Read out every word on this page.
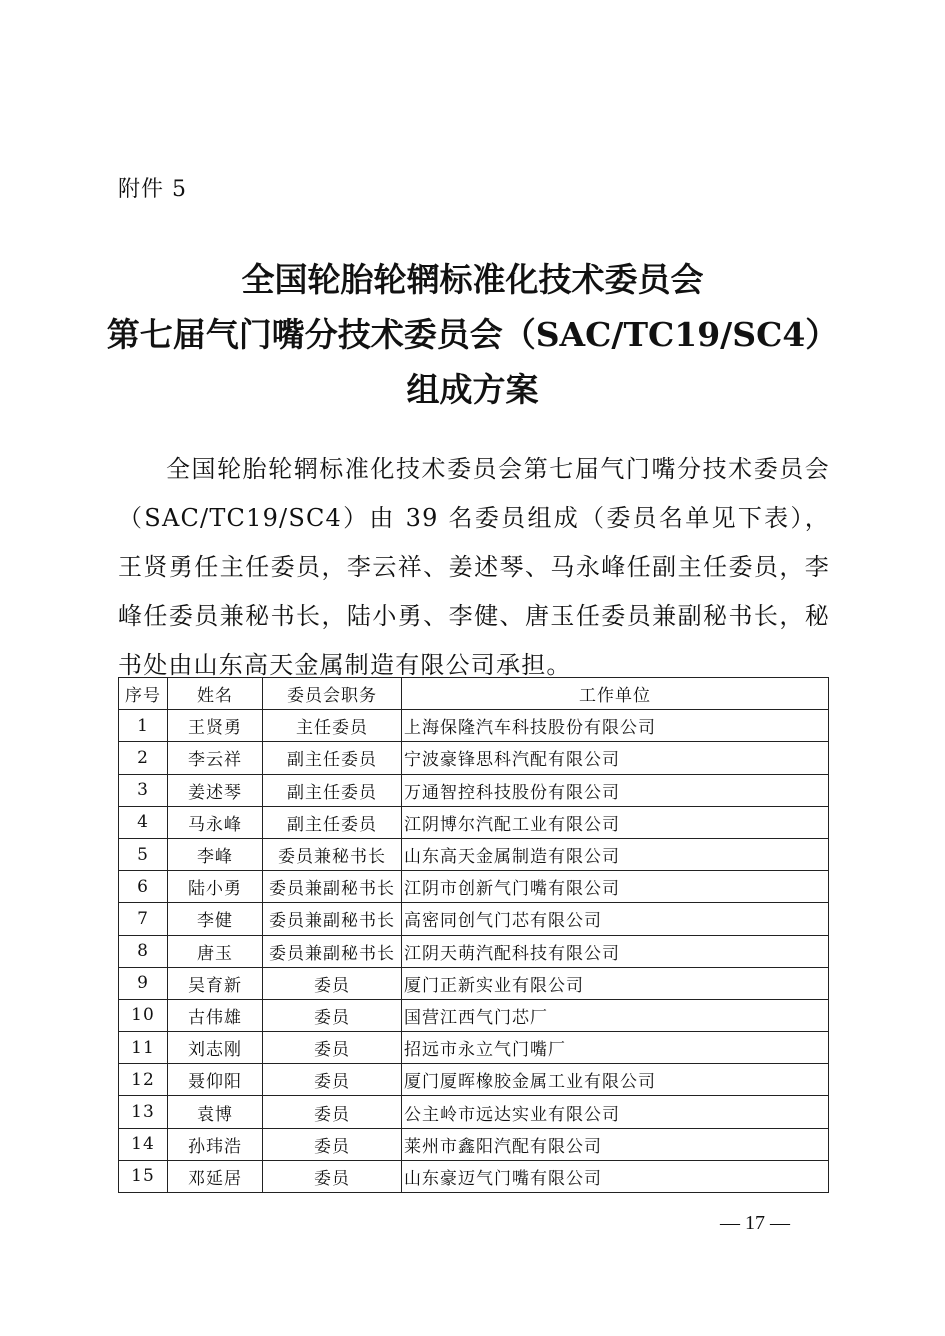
附件 5
全国轮胎轮辋标准化技术委员会
第七届气门嘴分技术委员会（SAC/TC19/SC4）
组成方案
全国轮胎轮辋标准化技术委员会第七届气门嘴分技术委员会（SAC/TC19/SC4）由 39 名委员组成（委员名单见下表），王贤勇任主任委员，李云祥、姜述琴、马永峰任副主任委员，李峰任委员兼秘书长，陆小勇、李健、唐玉任委员兼副秘书长，秘书处由山东高天金属制造有限公司承担。
序号	姓名	委员会职务	工作单位
1	王贤勇	主任委员	上海保隆汽车科技股份有限公司
2	李云祥	副主任委员	宁波豪锋思科汽配有限公司
3	姜述琴	副主任委员	万通智控科技股份有限公司
4	马永峰	副主任委员	江阴博尔汽配工业有限公司
5	李峰	委员兼秘书长	山东高天金属制造有限公司
6	陆小勇	委员兼副秘书长	江阴市创新气门嘴有限公司
7	李健	委员兼副秘书长	高密同创气门芯有限公司
8	唐玉	委员兼副秘书长	江阴天萌汽配科技有限公司
9	吴育新	委员	厦门正新实业有限公司
10	古伟雄	委员	国营江西气门芯厂
11	刘志刚	委员	招远市永立气门嘴厂
12	聂仰阳	委员	厦门厦晖橡胶金属工业有限公司
13	袁博	委员	公主岭市远达实业有限公司
14	孙玮浩	委员	莱州市鑫阳汽配有限公司
15	邓延居	委员	山东豪迈气门嘴有限公司
— 17 —
